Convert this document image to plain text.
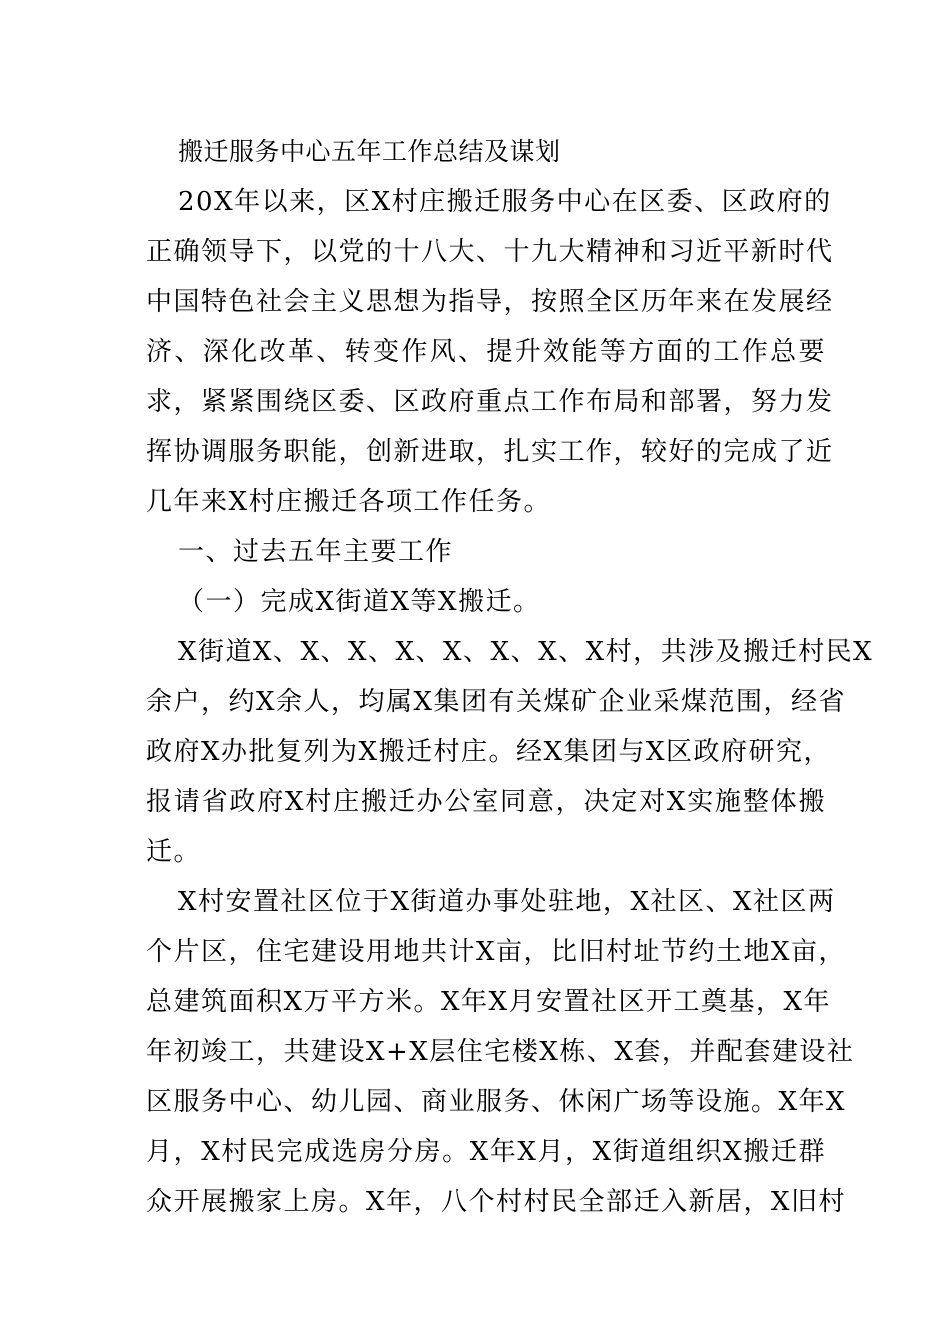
搬迁服务中心五年工作总结及谋划
20X年以来，区X村庄搬迁服务中心在区委、区政府的
正确领导下，以党的十八大、十九大精神和习近平新时代
中国特色社会主义思想为指导，按照全区历年来在发展经
济、深化改革、转变作风、提升效能等方面的工作总要
求，紧紧围绕区委、区政府重点工作布局和部署，努力发
挥协调服务职能，创新进取，扎实工作，较好的完成了近
几年来X村庄搬迁各项工作任务。
一、过去五年主要工作
（一）完成X街道X等X搬迁。
X街道X、X、X、X、X、X、X、X村，共涉及搬迁村民X
余户，约X余人，均属X集团有关煤矿企业采煤范围，经省
政府X办批复列为X搬迁村庄。经X集团与X区政府研究，
报请省政府X村庄搬迁办公室同意，决定对X实施整体搬
迁。
X村安置社区位于X街道办事处驻地，X社区、X社区两
个片区，住宅建设用地共计X亩，比旧村址节约土地X亩，
总建筑面积X万平方米。X年X月安置社区开工奠基，X年
年初竣工，共建设X+X层住宅楼X栋、X套，并配套建设社
区服务中心、幼儿园、商业服务、休闲广场等设施。X年X
月，X村民完成选房分房。X年X月，X街道组织X搬迁群
众开展搬家上房。X年，八个村村民全部迁入新居，X旧村
